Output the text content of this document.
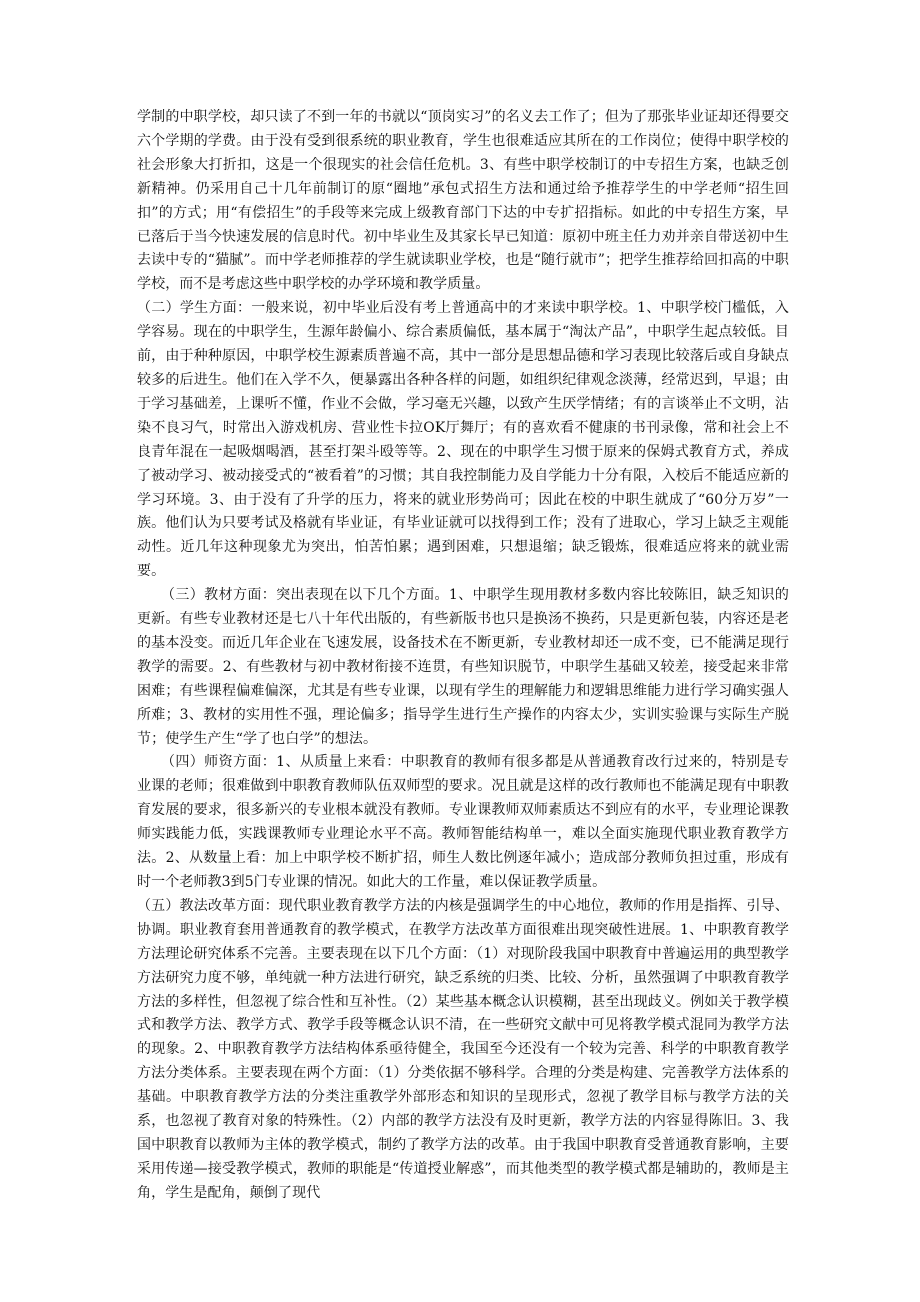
学制的中职学校，却只读了不到一年的书就以“顶岗实习”的名义去工作了；但为了那张毕业证却还得要交六个学期的学费。由于没有受到很系统的职业教育，学生也很难适应其所在的工作岗位；使得中职学校的社会形象大打折扣，这是一个很现实的社会信任危机。3、有些中职学校制订的中专招生方案，也缺乏创新精神。仍采用自己十几年前制订的原“圈地”承包式招生方法和通过给予推荐学生的中学老师“招生回扣”的方式；用“有偿招生”的手段等来完成上级教育部门下达的中专扩招指标。如此的中专招生方案，早已落后于当今快速发展的信息时代。初中毕业生及其家长早已知道：原初中班主任力劝并亲自带送初中生去读中专的“猫腻”。而中学老师推荐的学生就读职业学校，也是“随行就市”；把学生推荐给回扣高的中职学校，而不是考虑这些中职学校的办学环境和教学质量。

（二）学生方面：一般来说，初中毕业后没有考上普通高中的才来读中职学校。1、中职学校门槛低，入学容易。现在的中职学生，生源年龄偏小、综合素质偏低，基本属于“淘汰产品”，中职学生起点较低。目前，由于种种原因，中职学校生源素质普遍不高，其中一部分是思想品德和学习表现比较落后或自身缺点较多的后进生。他们在入学不久，便暴露出各种各样的问题，如组织纪律观念淡薄，经常迟到，早退；由于学习基础差，上课听不懂，作业不会做，学习毫无兴趣，以致产生厌学情绪；有的言谈举止不文明，沾染不良习气，时常出入游戏机房、营业性卡拉OK厅舞厅；有的喜欢看不健康的书刊录像，常和社会上不良青年混在一起吸烟喝酒，甚至打架斗殴等等。2、现在的中职学生习惯于原来的保姆式教育方式，养成了被动学习、被动接受式的“被看着”的习惯；其自我控制能力及自学能力十分有限，入校后不能适应新的学习环境。3、由于没有了升学的压力，将来的就业形势尚可；因此在校的中职生就成了“60分万岁”一族。他们认为只要考试及格就有毕业证，有毕业证就可以找得到工作；没有了进取心，学习上缺乏主观能动性。近几年这种现象尤为突出，怕苦怕累；遇到困难，只想退缩；缺乏锻炼，很难适应将来的就业需要。

（三）教材方面：突出表现在以下几个方面。1、中职学生现用教材多数内容比较陈旧，缺乏知识的更新。有些专业教材还是七八十年代出版的，有些新版书也只是换汤不换药，只是更新包装，内容还是老的基本没变。而近几年企业在飞速发展，设备技术在不断更新，专业教材却还一成不变，已不能满足现行教学的需要。2、有些教材与初中教材衔接不连贯，有些知识脱节，中职学生基础又较差，接受起来非常困难；有些课程偏难偏深，尤其是有些专业课，以现有学生的理解能力和逻辑思维能力进行学习确实强人所难；3、教材的实用性不强，理论偏多；指导学生进行生产操作的内容太少，实训实验课与实际生产脱节；使学生产生“学了也白学”的想法。

（四）师资方面：1、从质量上来看：中职教育的教师有很多都是从普通教育改行过来的，特别是专业课的老师；很难做到中职教育教师队伍双师型的要求。况且就是这样的改行教师也不能满足现有中职教育发展的要求，很多新兴的专业根本就没有教师。专业课教师双师素质达不到应有的水平，专业理论课教师实践能力低，实践课教师专业理论水平不高。教师智能结构单一，难以全面实施现代职业教育教学方法。2、从数量上看：加上中职学校不断扩招，师生人数比例逐年减小；造成部分教师负担过重，形成有时一个老师教3到5门专业课的情况。如此大的工作量，难以保证教学质量。

（五）教法改革方面：现代职业教育教学方法的内核是强调学生的中心地位，教师的作用是指挥、引导、协调。职业教育套用普通教育的教学模式，在教学方法改革方面很难出现突破性进展。1、中职教育教学方法理论研究体系不完善。主要表现在以下几个方面：（1）对现阶段我国中职教育中普遍运用的典型教学方法研究力度不够，单纯就一种方法进行研究，缺乏系统的归类、比较、分析，虽然强调了中职教育教学方法的多样性，但忽视了综合性和互补性。（2）某些基本概念认识模糊，甚至出现歧义。例如关于教学模式和教学方法、教学方式、教学手段等概念认识不清，在一些研究文献中可见将教学模式混同为教学方法的现象。2、中职教育教学方法结构体系亟待健全，我国至今还没有一个较为完善、科学的中职教育教学方法分类体系。主要表现在两个方面：（1）分类依据不够科学。合理的分类是构建、完善教学方法体系的基础。中职教育教学方法的分类注重教学外部形态和知识的呈现形式，忽视了教学目标与教学方法的关系，也忽视了教育对象的特殊性。（2）内部的教学方法没有及时更新，教学方法的内容显得陈旧。3、我国中职教育以教师为主体的教学模式，制约了教学方法的改革。由于我国中职教育受普通教育影响，主要采用传递—接受教学模式，教师的职能是“传道授业解惑”，而其他类型的教学模式都是辅助的，教师是主角，学生是配角，颠倒了现代
